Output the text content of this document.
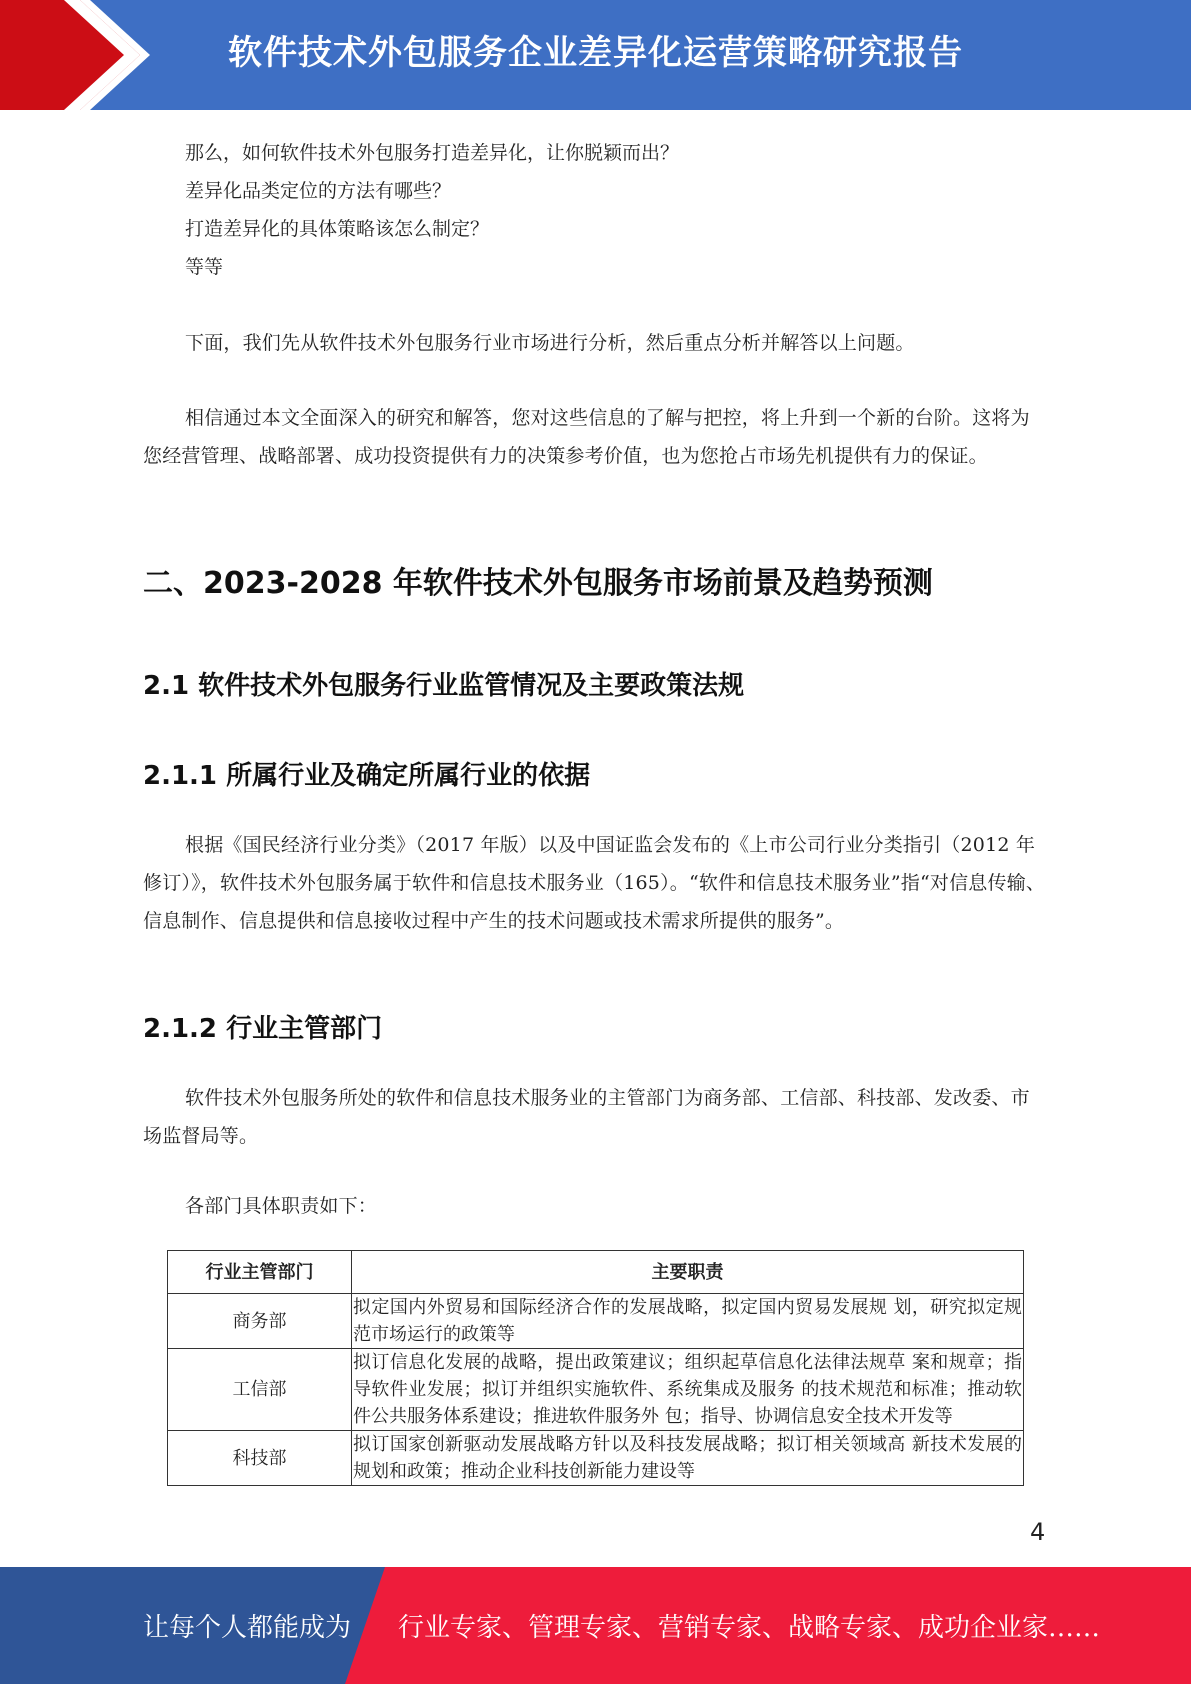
软件技术外包服务企业差异化运营策略研究报告
那么，如何软件技术外包服务打造差异化，让你脱颖而出？
差异化品类定位的方法有哪些？
打造差异化的具体策略该怎么制定？
等等

下面，我们先从软件技术外包服务行业市场进行分析，然后重点分析并解答以上问题。

相信通过本文全面深入的研究和解答，您对这些信息的了解与把控，将上升到一个新的台阶。这将为您经营管理、战略部署、成功投资提供有力的决策参考价值，也为您抢占市场先机提供有力的保证。

二、2023-2028 年软件技术外包服务市场前景及趋势预测
2.1 软件技术外包服务行业监管情况及主要政策法规
2.1.1 所属行业及确定所属行业的依据

根据《国民经济行业分类》（2017 年版）以及中国证监会发布的《上市公司行业分类指引（2012 年修订）》，软件技术外包服务属于软件和信息技术服务业（165）。“软件和信息技术服务业”指“对信息传输、信息制作、信息提供和信息接收过程中产生的技术问题或技术需求所提供的服务”。

2.1.2 行业主管部门

软件技术外包服务所处的软件和信息技术服务业的主管部门为商务部、工信部、科技部、发改委、市场监督局等。

各部门具体职责如下：

行业主管部门	主要职责
商务部	拟定国内外贸易和国际经济合作的发展战略，拟定国内贸易发展规 划，研究拟定规范市场运行的政策等
工信部	拟订信息化发展的战略，提出政策建议；组织起草信息化法律法规草 案和规章；指导软件业发展；拟订并组织实施软件、系统集成及服务 的技术规范和标准；推动软件公共服务体系建设；推进软件服务外 包；指导、协调信息安全技术开发等
科技部	拟订国家创新驱动发展战略方针以及科技发展战略；拟订相关领域高 新技术发展的规划和政策；推动企业科技创新能力建设等
4
让每个人都能成为 行业专家、管理专家、营销专家、战略专家、成功企业家……
